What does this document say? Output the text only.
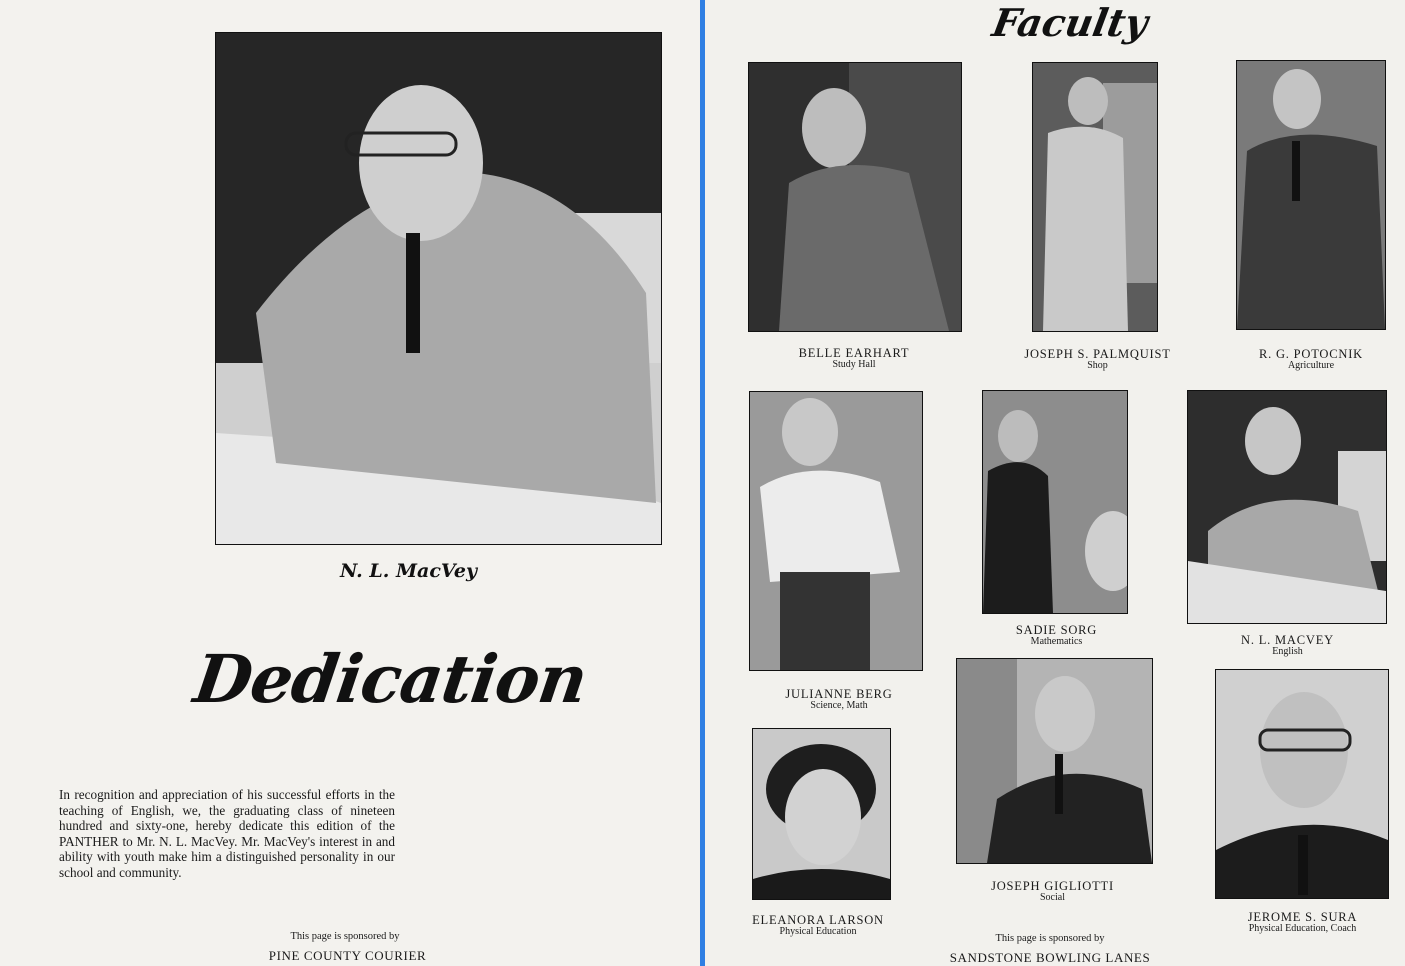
N. L. MacVey
Dedication
In recognition and appreciation of his successful efforts in the teaching of English, we, the graduating class of nineteen hundred and sixty-one, hereby dedicate this edition of the PANTHER to Mr. N. L. MacVey. Mr. MacVey's interest in and ability with youth make him a distinguished personality in our school and community.
This page is sponsored by
PINE COUNTY COURIER
Faculty
BELLE EARHART
Study Hall
JOSEPH S. PALMQUIST
Shop
R. G. POTOCNIK
Agriculture
JULIANNE BERG
Science, Math
SADIE SORG
Mathematics	N. L. MACVEY
English
ELEANORA LARSON
Physical Education
JOSEPH GIGLIOTTI
Social
JEROME S. SURA
Physical Education, Coach
This page is sponsored by
SANDSTONE BOWLING LANES
